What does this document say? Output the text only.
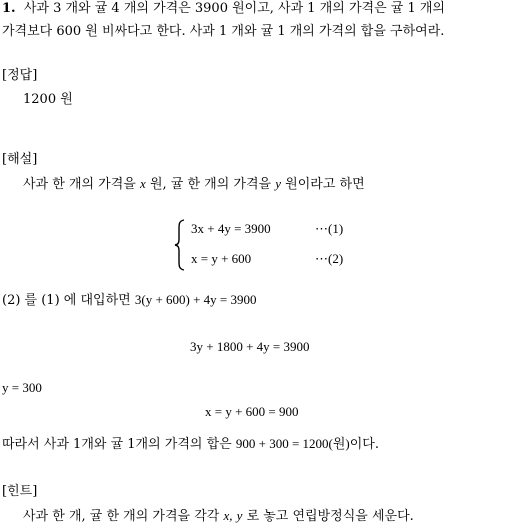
1. 사과 3 개와 귤 4 개의 가격은 3900 원이고, 사과 1 개의 가격은 귤 1 개의
가격보다 600 원 비싸다고 한다. 사과 1 개와 귤 1 개의 가격의 합을 구하여라.
[정답]
1200 원
[해설]
사과 한 개의 가격을 x 원, 귤 한 개의 가격을 y 원이라고 하면
3x + 4y = 3900	⋯(1)
x = y + 600	⋯(2)
(2) 를 (1) 에 대입하면 3(y + 600) + 4y = 3900
3y + 1800 + 4y = 3900
y = 300
x = y + 600 = 900
따라서 사과 1개와 귤 1개의 가격의 합은 900 + 300 = 1200(원)이다.
[힌트]
사과 한 개, 귤 한 개의 가격을 각각 x, y 로 놓고 연립방정식을 세운다.
